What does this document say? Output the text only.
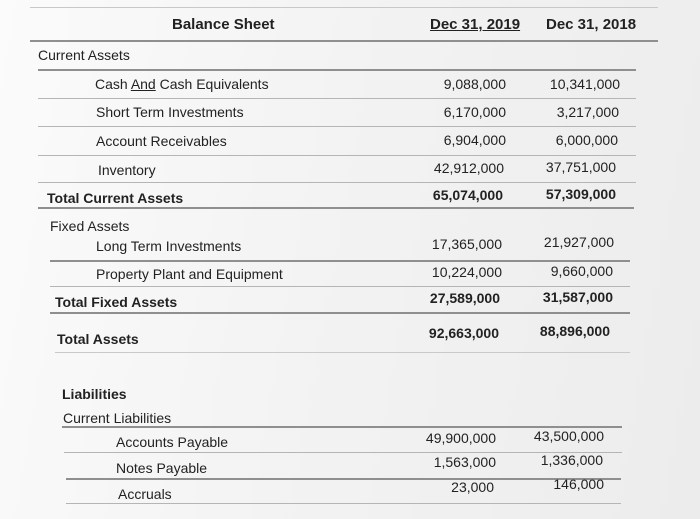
Balance Sheet	Dec 31, 2019 Dec 31, 2018
Current Assets
Cash And Cash Equivalents	9,088,000	10,341,000
Short Term Investments	6,170,000	3,217,000
Account Receivables	6,904,000	6,000,000
Inventory	42,912,000	37,751,000
Total Current Assets	65,074,000	57,309,000
Fixed Assets
Long Term Investments	17,365,000	21,927,000
Property Plant and Equipment	10,224,000	9,660,000
Total Fixed Assets	27,589,000	31,587,000
Total Assets	92,663,000	88,896,000
Liabilities
Current Liabilities
Accounts Payable	49,900,000	43,500,000
Notes Payable	1,563,000	1,336,000
Accruals	23,000	146,000
